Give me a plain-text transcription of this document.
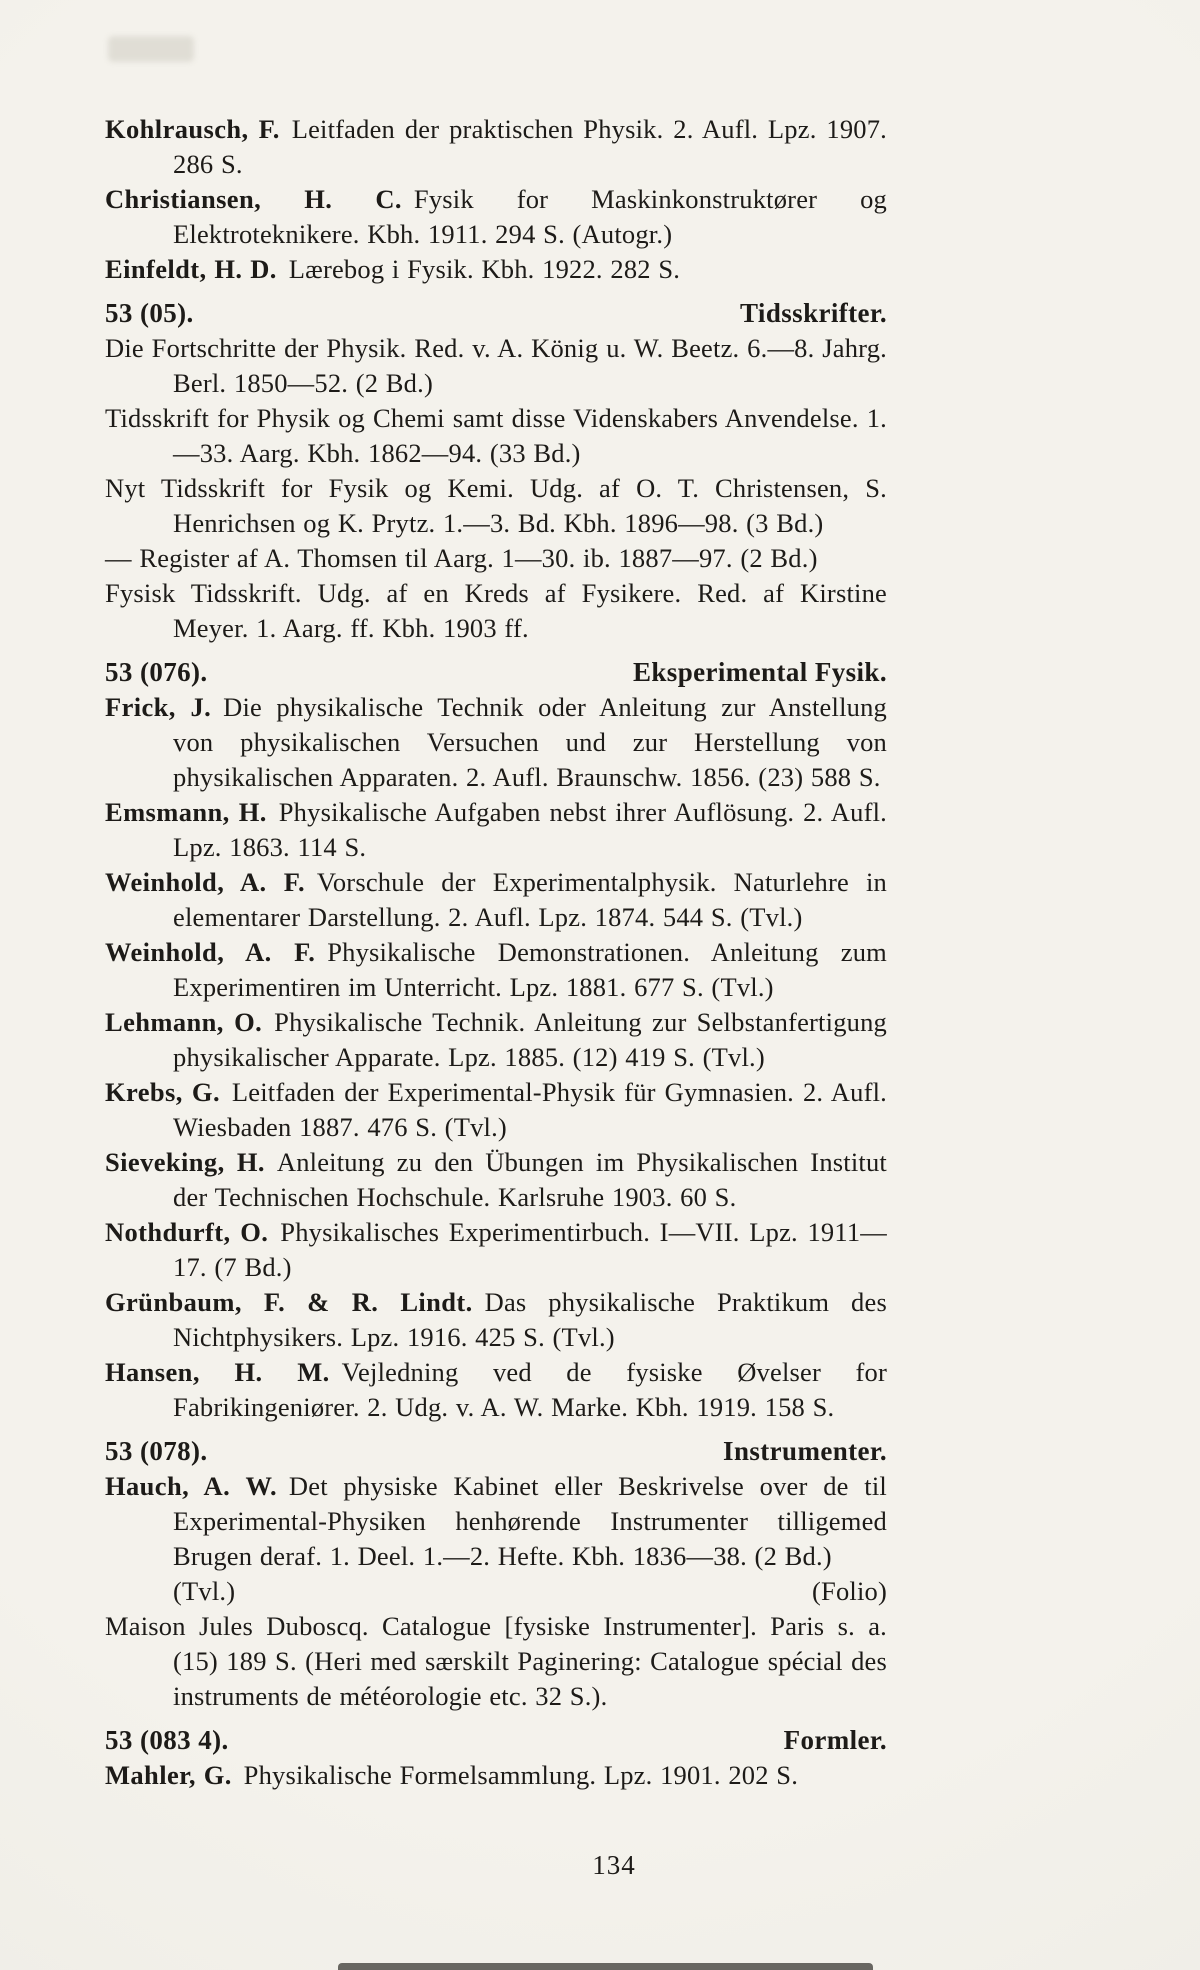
Kohlrausch, F. Leitfaden der praktischen Physik. 2. Aufl. Lpz. 1907. 286 S.

Christiansen, H. C. Fysik for Maskinkonstruktører og Elektroteknikere. Kbh. 1911. 294 S. (Autogr.)

Einfeldt, H. D. Lærebog i Fysik. Kbh. 1922. 282 S.

53 (05).	Tidsskrifter.

Die Fortschritte der Physik. Red. v. A. König u. W. Beetz. 6.—8. Jahrg. Berl. 1850—52. (2 Bd.)

Tidsskrift for Physik og Chemi samt disse Videnskabers Anvendelse. 1.—33. Aarg. Kbh. 1862—94. (33 Bd.)

Nyt Tidsskrift for Fysik og Kemi. Udg. af O. T. Christensen, S. Henrichsen og K. Prytz. 1.—3. Bd. Kbh. 1896—98. (3 Bd.)

— Register af A. Thomsen til Aarg. 1—30. ib. 1887—97. (2 Bd.)

Fysisk Tidsskrift. Udg. af en Kreds af Fysikere. Red. af Kirstine Meyer. 1. Aarg. ff. Kbh. 1903 ff.

53 (076).	Eksperimental Fysik.

Frick, J. Die physikalische Technik oder Anleitung zur Anstellung von physikalischen Versuchen und zur Herstellung von physikalischen Apparaten. 2. Aufl. Braunschw. 1856. (23) 588 S.

Emsmann, H. Physikalische Aufgaben nebst ihrer Auflösung. 2. Aufl. Lpz. 1863. 114 S.

Weinhold, A. F. Vorschule der Experimentalphysik. Naturlehre in elementarer Darstellung. 2. Aufl. Lpz. 1874. 544 S. (Tvl.)

Weinhold, A. F. Physikalische Demonstrationen. Anleitung zum Experimentiren im Unterricht. Lpz. 1881. 677 S. (Tvl.)

Lehmann, O. Physikalische Technik. Anleitung zur Selbstanfertigung physikalischer Apparate. Lpz. 1885. (12) 419 S. (Tvl.)

Krebs, G. Leitfaden der Experimental-Physik für Gymnasien. 2. Aufl. Wiesbaden 1887. 476 S. (Tvl.)

Sieveking, H. Anleitung zu den Übungen im Physikalischen Institut der Technischen Hochschule. Karlsruhe 1903. 60 S.

Nothdurft, O. Physikalisches Experimentirbuch. I—VII. Lpz. 1911—17. (7 Bd.)

Grünbaum, F. & R. Lindt. Das physikalische Praktikum des Nichtphysikers. Lpz. 1916. 425 S. (Tvl.)

Hansen, H. M. Vejledning ved de fysiske Øvelser for Fabrikingeniører. 2. Udg. v. A. W. Marke. Kbh. 1919. 158 S.

53 (078).	Instrumenter.

Hauch, A. W. Det physiske Kabinet eller Beskrivelse over de til Experimental-Physiken henhørende Instrumenter tilligemed Brugen deraf. 1. Deel. 1.—2. Hefte. Kbh. 1836—38. (2 Bd.)

(Tvl.)	(Folio)

Maison Jules Duboscq. Catalogue [fysiske Instrumenter]. Paris s. a. (15) 189 S. (Heri med særskilt Paginering: Catalogue spécial des instruments de météorologie etc. 32 S.).

53 (083 4).	Formler.

Mahler, G. Physikalische Formelsammlung. Lpz. 1901. 202 S.

134
